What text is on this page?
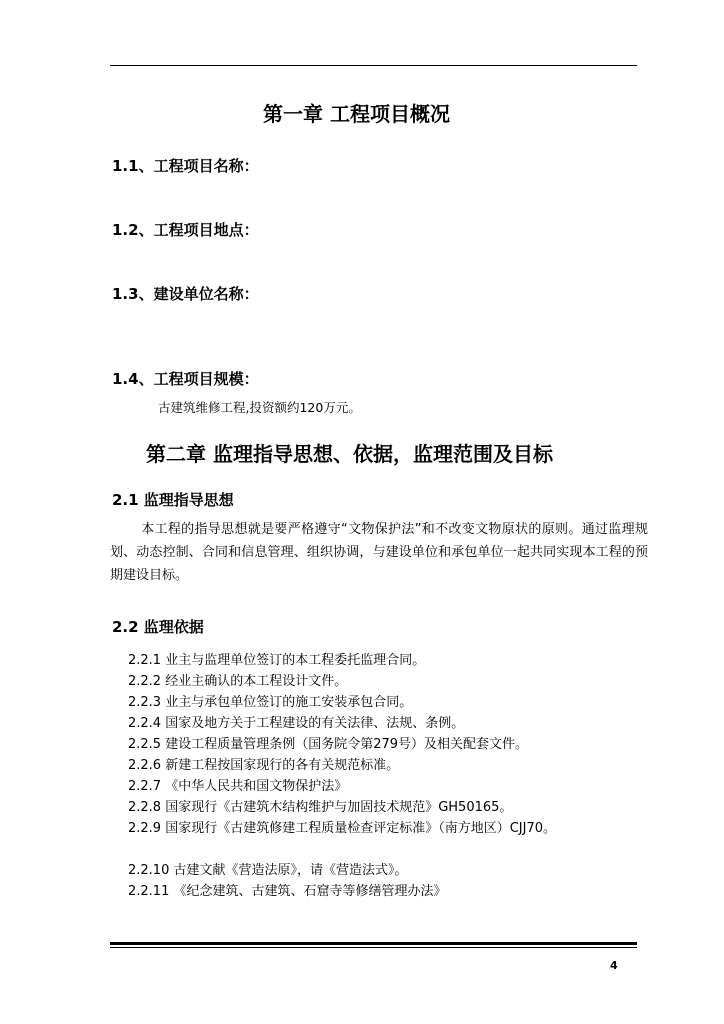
第一章 工程项目概况
1.1、工程项目名称：
1.2、工程项目地点：
1.3、建设单位名称：
1.4、工程项目规模：
古建筑维修工程,投资额约120万元。
第二章 监理指导思想、依据，监理范围及目标
2.1 监理指导思想
本工程的指导思想就是要严格遵守“文物保护法”和不改变文物原状的原则。通过监理规划、动态控制、合同和信息管理、组织协调，与建设单位和承包单位一起共同实现本工程的预期建设目标。
2.2 监理依据
2.2.1 业主与监理单位签订的本工程委托监理合同。
2.2.2 经业主确认的本工程设计文件。
2.2.3 业主与承包单位签订的施工安装承包合同。
2.2.4 国家及地方关于工程建设的有关法律、法规、条例。
2.2.5 建设工程质量管理条例（国务院令第279号）及相关配套文件。
2.2.6 新建工程按国家现行的各有关规范标准。
2.2.7 《中华人民共和国文物保护法》
2.2.8 国家现行《古建筑木结构维护与加固技术规范》GH50165。
2.2.9 国家现行《古建筑修建工程质量检查评定标准》（南方地区）CJJ70。
2.2.10 古建文献《营造法原》，请《营造法式》。
2.2.11 《纪念建筑、古建筑、石窟寺等修缮管理办法》
4
